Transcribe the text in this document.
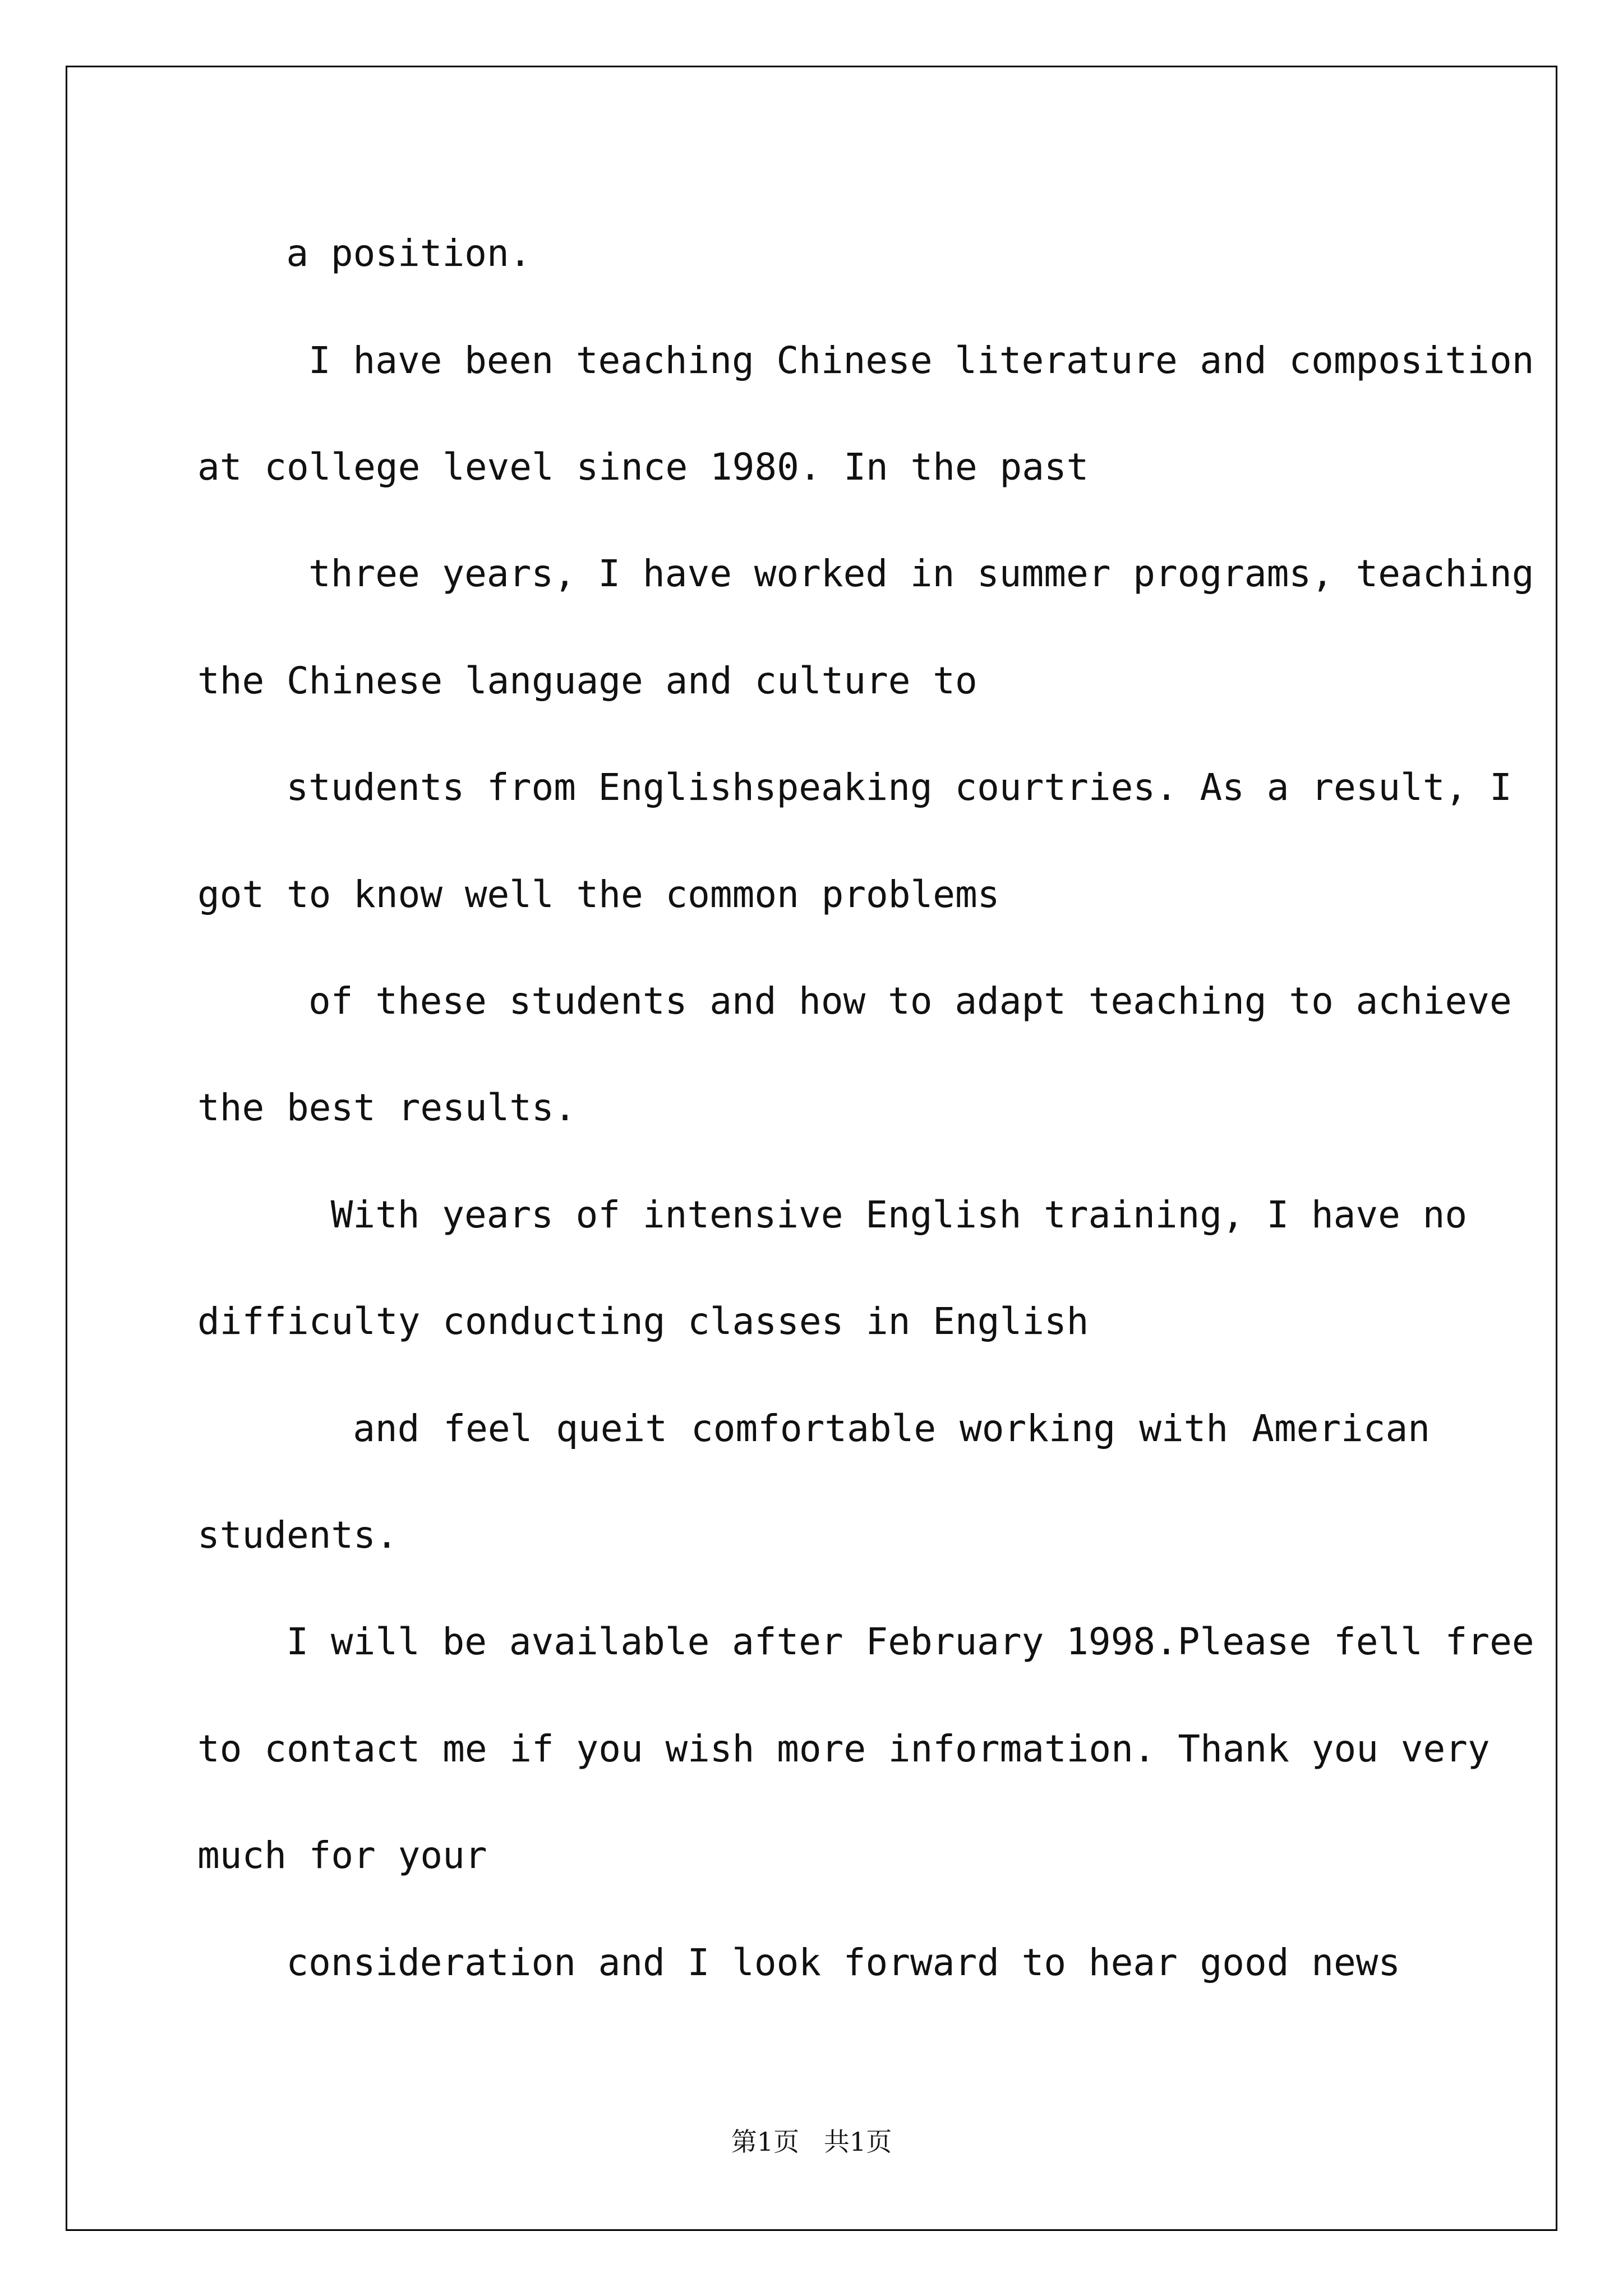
a position.
I have been teaching Chinese literature and composition
at college level since 1980. In the past
three years, I have worked in summer programs, teaching
the Chinese language and culture to
students from Englishspeaking courtries. As a result, I
got to know well the common problems
of these students and how to adapt teaching to achieve
the best results.
With years of intensive English training, I have no
difficulty conducting classes in English
and feel queit comfortable working with American
students.
I will be available after February 1998.Please fell free
to contact me if you wish more information. Thank you very
much for your
consideration and I look forward to hear good news
第1页   共1页
